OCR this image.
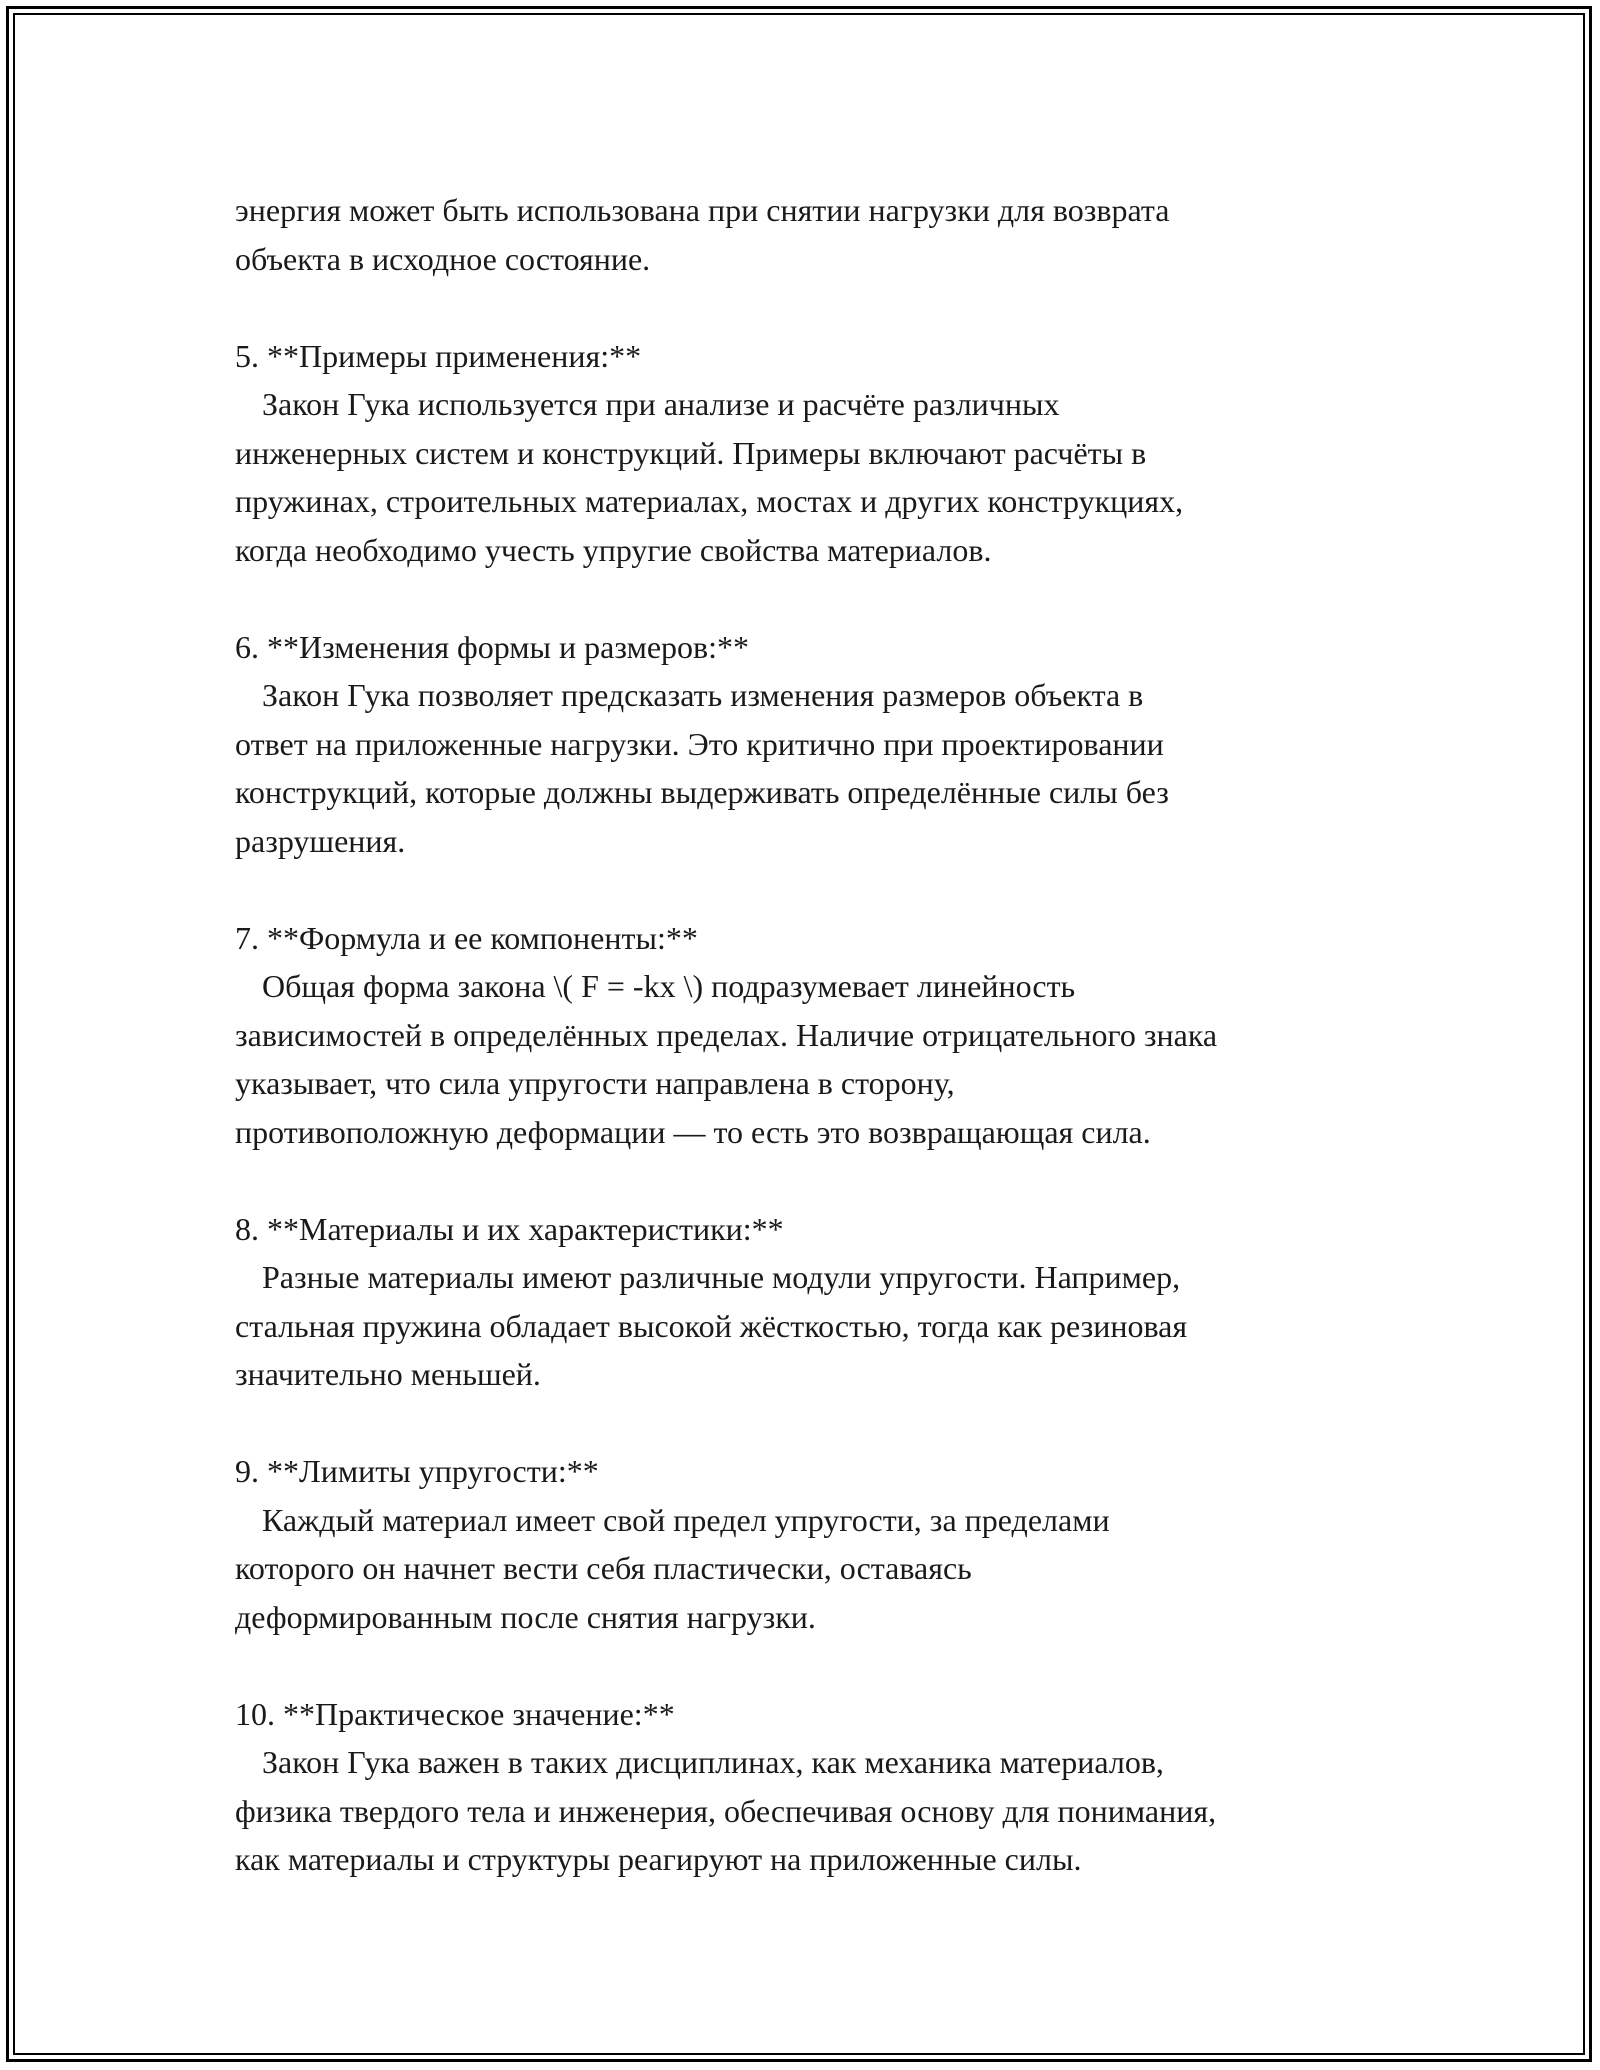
энергия может быть использована при снятии нагрузки для возврата
объекта в исходное состояние.
5. **Примеры применения:**
Закон Гука используется при анализе и расчёте различных
инженерных систем и конструкций. Примеры включают расчёты в
пружинах, строительных материалах, мостах и других конструкциях,
когда необходимо учесть упругие свойства материалов.
6. **Изменения формы и размеров:**
Закон Гука позволяет предсказать изменения размеров объекта в
ответ на приложенные нагрузки. Это критично при проектировании
конструкций, которые должны выдерживать определённые силы без
разрушения.
7. **Формула и ее компоненты:**
Общая форма закона \( F = -kx \) подразумевает линейность
зависимостей в определённых пределах. Наличие отрицательного знака
указывает, что сила упругости направлена в сторону,
противоположную деформации — то есть это возвращающая сила.
8. **Материалы и их характеристики:**
Разные материалы имеют различные модули упругости. Например,
стальная пружина обладает высокой жёсткостью, тогда как резиновая
значительно меньшей.
9. **Лимиты упругости:**
Каждый материал имеет свой предел упругости, за пределами
которого он начнет вести себя пластически, оставаясь
деформированным после снятия нагрузки.
10. **Практическое значение:**
Закон Гука важен в таких дисциплинах, как механика материалов,
физика твердого тела и инженерия, обеспечивая основу для понимания,
как материалы и структуры реагируют на приложенные силы.
